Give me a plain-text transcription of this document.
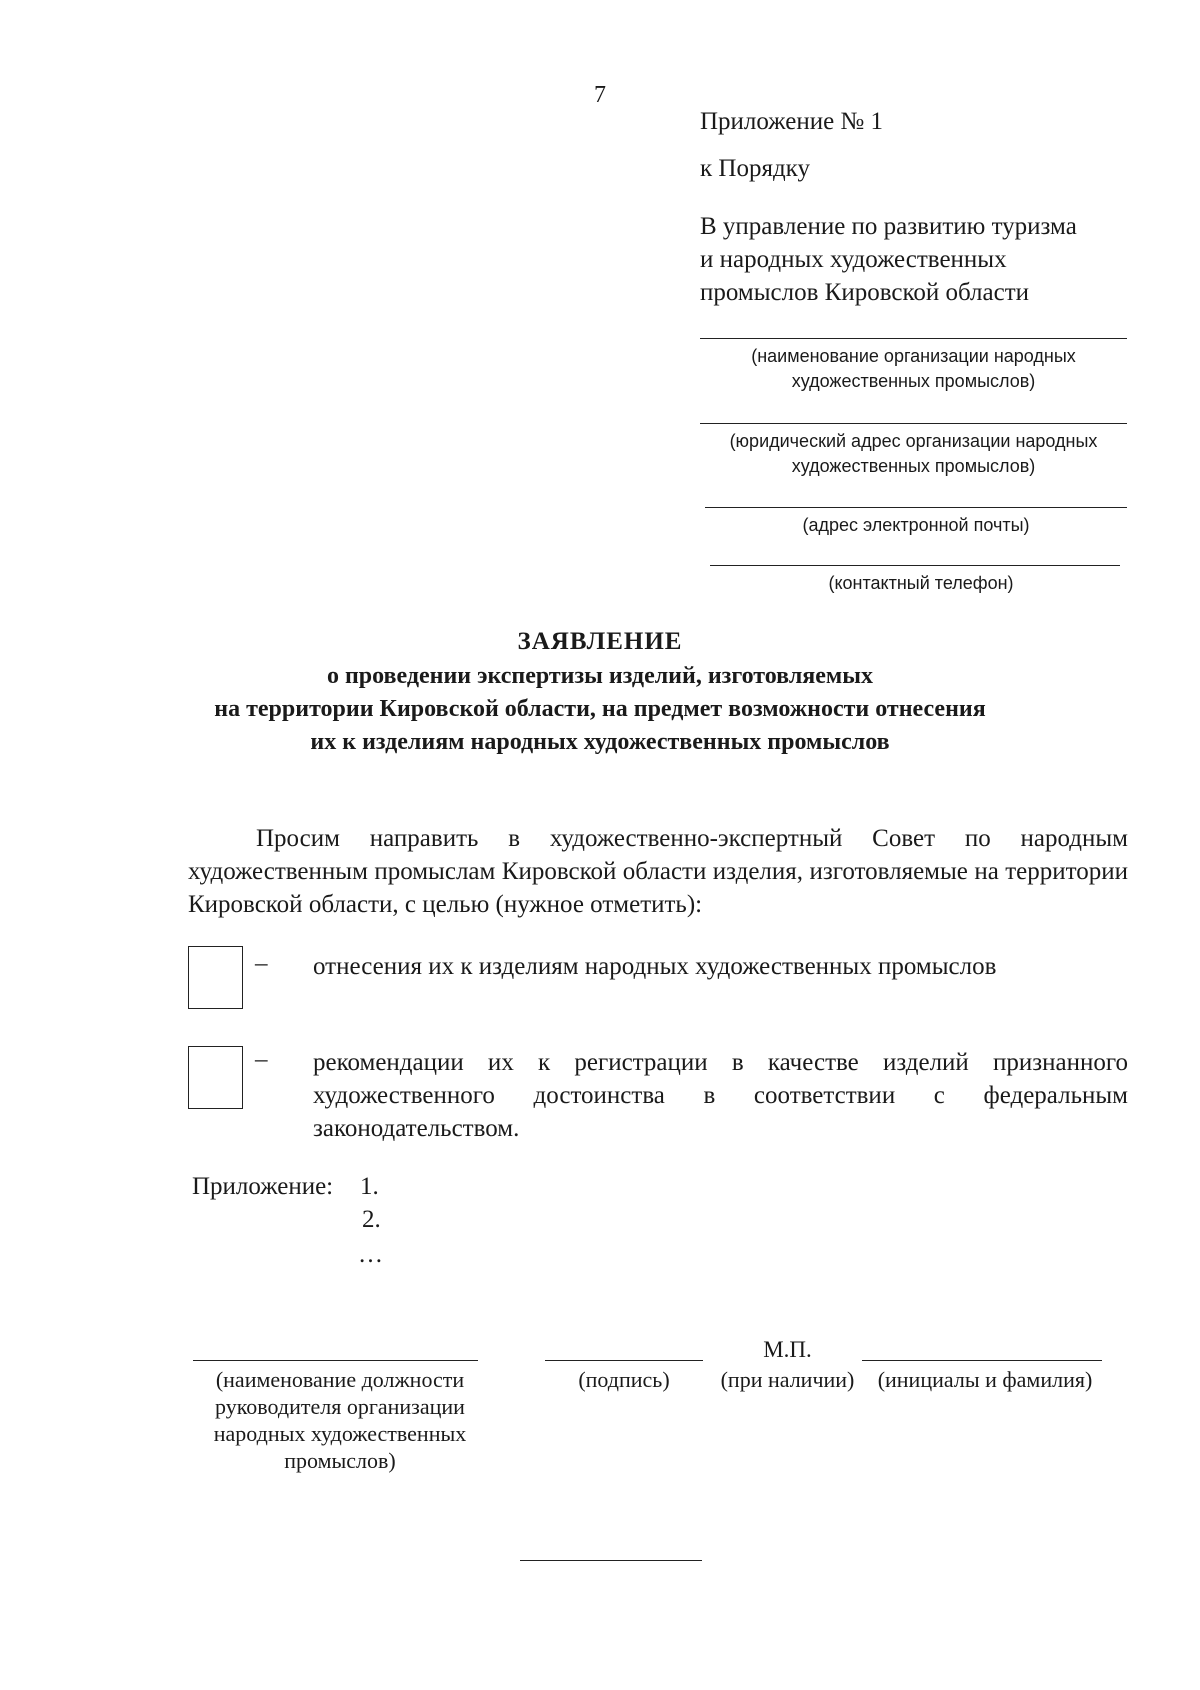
7
Приложение № 1
к Порядку
В управление по развитию туризма
и народных художественных
промыслов Кировской области
(наименование организации народных
художественных промыслов)
(юридический адрес организации народных
художественных промыслов)
(адрес электронной почты)
(контактный телефон)
ЗАЯВЛЕНИЕ
о проведении экспертизы изделий, изготовляемых
на территории Кировской области, на предмет возможности отнесения
их к изделиям народных художественных промыслов
Просим направить в художественно-экспертный Совет по народным художественным промыслам Кировской области изделия, изготовляемые на территории Кировской области, с целью (нужное отметить):
– отнесения их к изделиям народных художественных промыслов
– рекомендации их к регистрации в качестве изделий признанного художественного достоинства в соответствии с федеральным законодательством.
Приложение: 1.
2.
…
(наименование должности
руководителя организации
народных художественных
промыслов)
(подпись)
М.П.
(при наличии)	(инициалы и фамилия)
